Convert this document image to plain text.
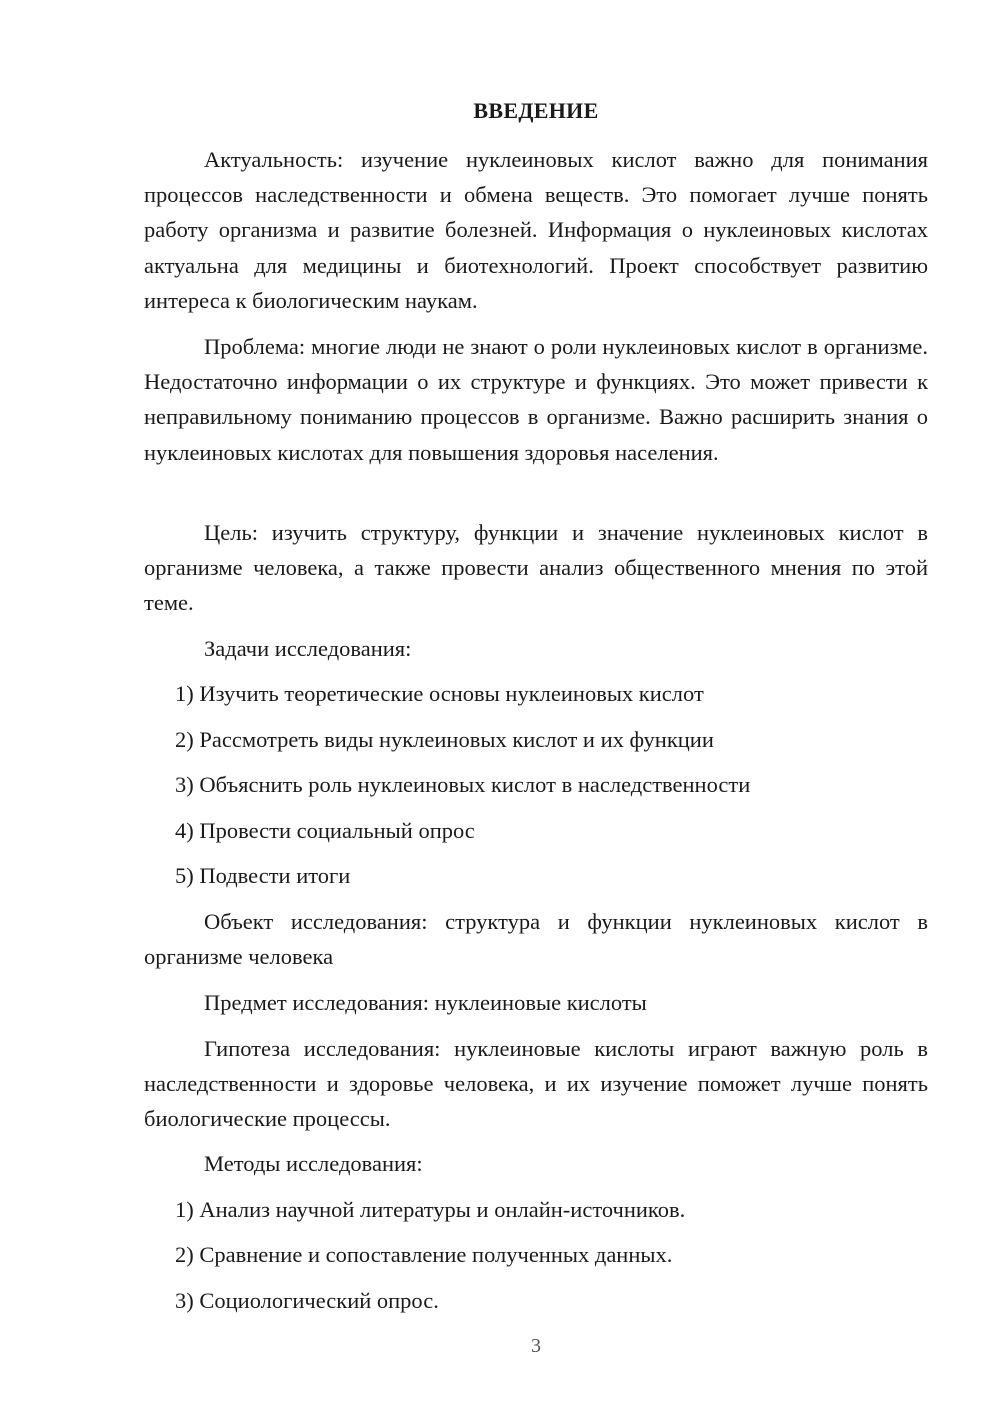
ВВЕДЕНИЕ

Актуальность: изучение нуклеиновых кислот важно для понимания процессов наследственности и обмена веществ. Это помогает лучше понять работу организма и развитие болезней. Информация о нуклеиновых кислотах актуальна для медицины и биотехнологий. Проект способствует развитию интереса к биологическим наукам.

Проблема: многие люди не знают о роли нуклеиновых кислот в организме. Недостаточно информации о их структуре и функциях. Это может привести к неправильному пониманию процессов в организме. Важно расширить знания о нуклеиновых кислотах для повышения здоровья населения.

Цель: изучить структуру, функции и значение нуклеиновых кислот в организме человека, а также провести анализ общественного мнения по этой теме.

Задачи исследования:

1) Изучить теоретические основы нуклеиновых кислот

2) Рассмотреть виды нуклеиновых кислот и их функции

3) Объяснить роль нуклеиновых кислот в наследственности

4) Провести социальный опрос

5) Подвести итоги

Объект исследования: структура и функции нуклеиновых кислот в организме человека

Предмет исследования: нуклеиновые кислоты

Гипотеза исследования: нуклеиновые кислоты играют важную роль в наследственности и здоровье человека, и их изучение поможет лучше понять биологические процессы.

Методы исследования:

1) Анализ научной литературы и онлайн-источников.

2) Сравнение и сопоставление полученных данных.

3) Социологический опрос.

3
